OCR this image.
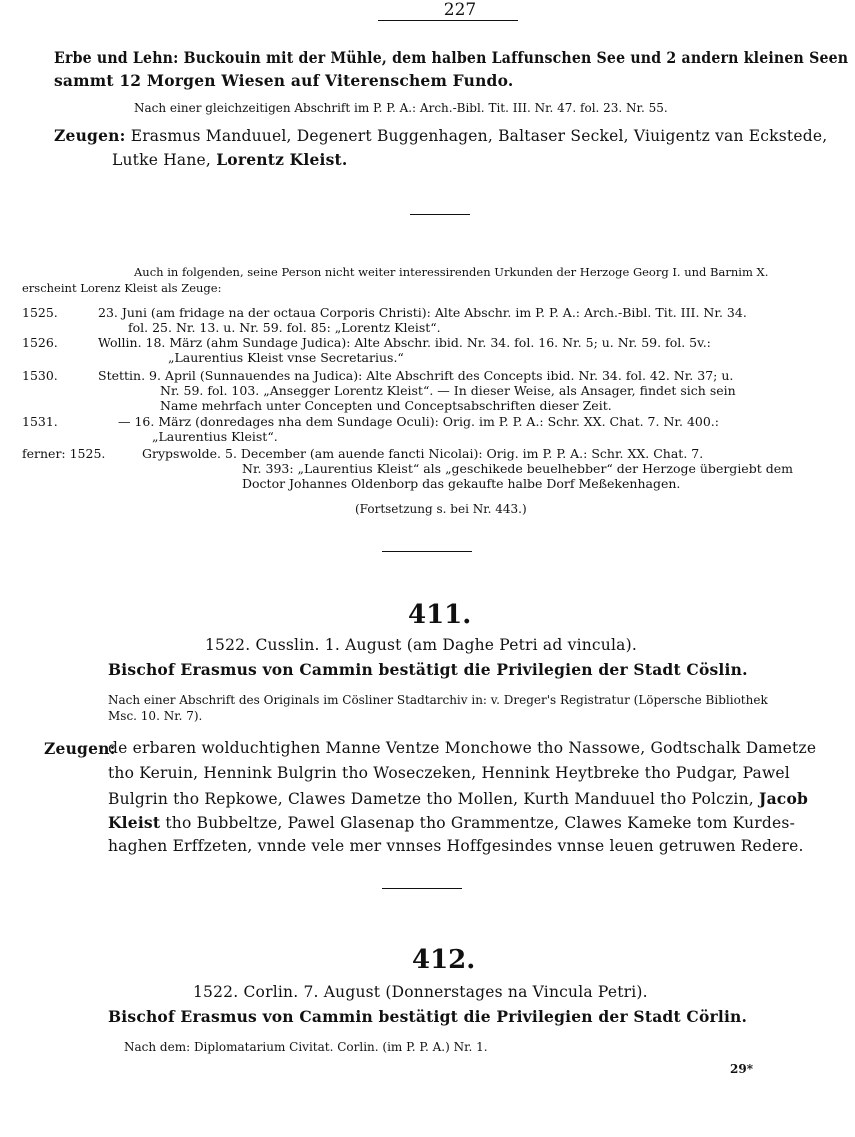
227
Erbe und Lehn: Buckouin mit der Mühle, dem halben Laffunschen See und 2 andern kleinen Seen
sammt 12 Morgen Wiesen auf Viterenschem Fundo.
Nach einer gleichzeitigen Abschrift im P. P. A.: Arch.-Bibl. Tit. III. Nr. 47. fol. 23. Nr. 55.
Zeugen: Erasmus Manduuel, Degenert Buggenhagen, Baltaser Seckel, Viuigentz van Eckstede,
Lutke Hane, Lorentz Kleist.
Auch in folgenden, seine Person nicht weiter interessirenden Urkunden der Herzoge Georg I. und Barnim X.
erscheint Lorenz Kleist als Zeuge:
1525.	23. Juni (am fridage na der octaua Corporis Christi): Alte Abschr. im P. P. A.: Arch.-Bibl. Tit. III. Nr. 34.
fol. 25. Nr. 13. u. Nr. 59. fol. 85: „Lorentz Kleist“.
1526.	Wollin. 18. März (ahm Sundage Judica): Alte Abschr. ibid. Nr. 34. fol. 16. Nr. 5; u. Nr. 59. fol. 5v.:
„Laurentius Kleist vnse Secretarius.“
1530.	Stettin. 9. April (Sunnauendes na Judica): Alte Abschrift des Concepts ibid. Nr. 34. fol. 42. Nr. 37; u.
Nr. 59. fol. 103. „Ansegger Lorentz Kleist“. — In dieser Weise, als Ansager, findet sich sein
Name mehrfach unter Concepten und Conceptsabschriften dieser Zeit.
1531.	— 16. März (donredages nha dem Sundage Oculi): Orig. im P. P. A.: Schr. XX. Chat. 7. Nr. 400.:
„Laurentius Kleist“.
ferner: 1525.	Grypswolde. 5. December (am auende fancti Nicolai): Orig. im P. P. A.: Schr. XX. Chat. 7.
Nr. 393: „Laurentius Kleist“ als „geschikede beuelhebber“ der Herzoge übergiebt dem
Doctor Johannes Oldenborp das gekaufte halbe Dorf Meßekenhagen.
(Fortsetzung s. bei Nr. 443.)
411.
1522. Cusslin. 1. August (am Daghe Petri ad vincula).
Bischof Erasmus von Cammin bestätigt die Privilegien der Stadt Cöslin.
Nach einer Abschrift des Originals im Cösliner Stadtarchiv in: v. Dreger's Registratur (Löpersche Bibliothek
Msc. 10. Nr. 7).
Zeugen:
de erbaren wolduchtighen Manne Ventze Monchowe tho Nassowe, Godtschalk Dametze
tho Keruin, Hennink Bulgrin tho Woseczeken, Hennink Heytbreke tho Pudgar, Pawel
Bulgrin tho Repkowe, Clawes Dametze tho Mollen, Kurth Manduuel tho Polczin, Jacob
Kleist tho Bubbeltze, Pawel Glasenap tho Grammentze, Clawes Kameke tom Kurdes-
haghen Erffzeten, vnnde vele mer vnnses Hoffgesindes vnnse leuen getruwen Redere.
412.
1522. Corlin. 7. August (Donnerstages na Vincula Petri).
Bischof Erasmus von Cammin bestätigt die Privilegien der Stadt Cörlin.
Nach dem: Diplomatarium Civitat. Corlin. (im P. P. A.) Nr. 1.
29*
